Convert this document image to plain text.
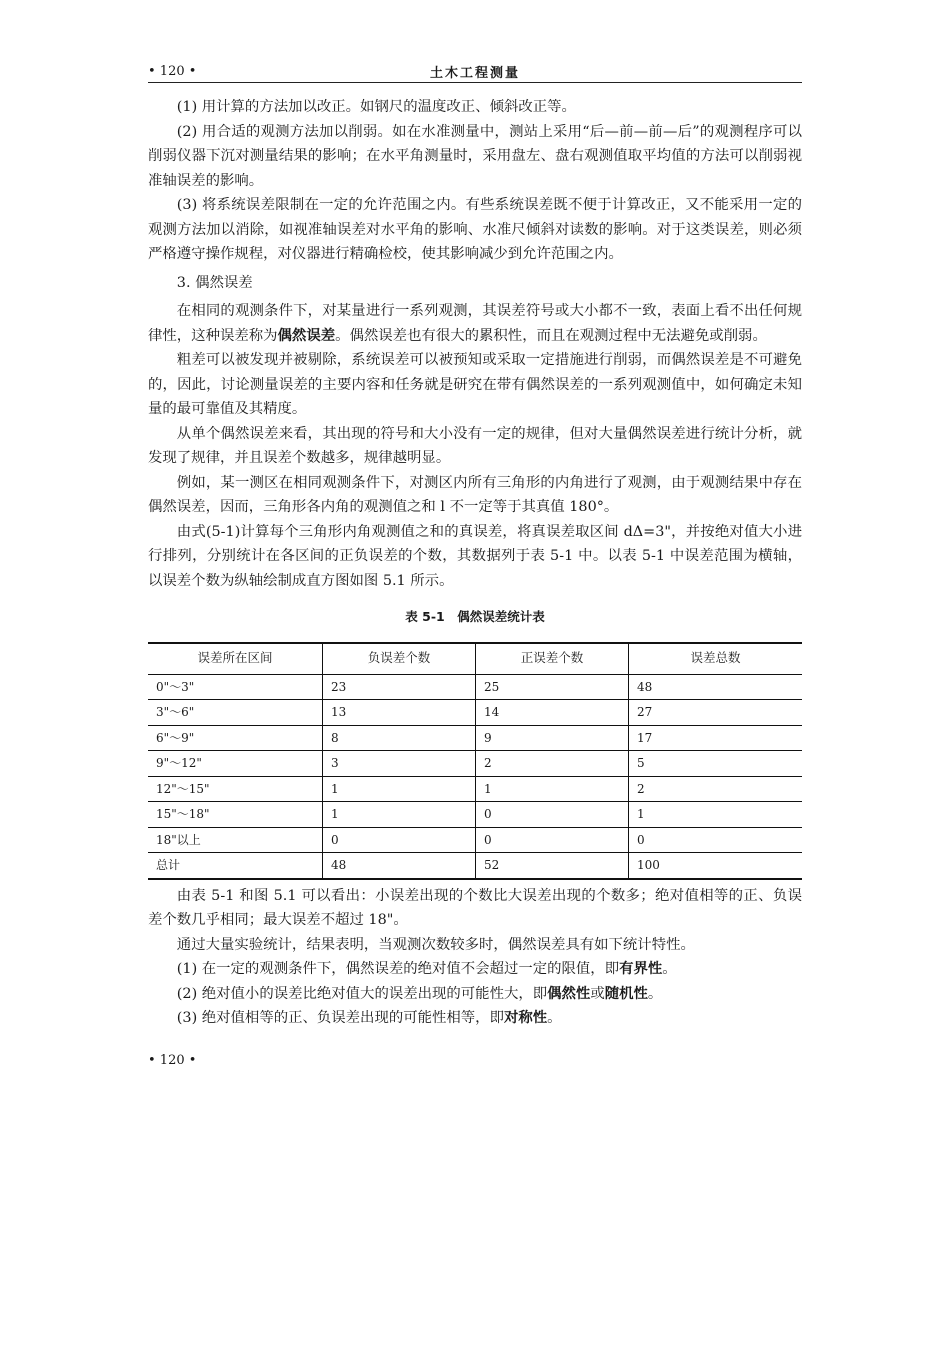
• 120 •	土木工程测量

(1) 用计算的方法加以改正。如钢尺的温度改正、倾斜改正等。

(2) 用合适的观测方法加以削弱。如在水准测量中，测站上采用“后—前—前—后”的观测程序可以削弱仪器下沉对测量结果的影响；在水平角测量时，采用盘左、盘右观测值取平均值的方法可以削弱视准轴误差的影响。

(3) 将系统误差限制在一定的允许范围之内。有些系统误差既不便于计算改正，又不能采用一定的观测方法加以消除，如视准轴误差对水平角的影响、水准尺倾斜对读数的影响。对于这类误差，则必须严格遵守操作规程，对仪器进行精确检校，使其影响减少到允许范围之内。

3. 偶然误差

在相同的观测条件下，对某量进行一系列观测，其误差符号或大小都不一致，表面上看不出任何规律性，这种误差称为偶然误差。偶然误差也有很大的累积性，而且在观测过程中无法避免或削弱。

粗差可以被发现并被剔除，系统误差可以被预知或采取一定措施进行削弱，而偶然误差是不可避免的，因此，讨论测量误差的主要内容和任务就是研究在带有偶然误差的一系列观测值中，如何确定未知量的最可靠值及其精度。

从单个偶然误差来看，其出现的符号和大小没有一定的规律，但对大量偶然误差进行统计分析，就发现了规律，并且误差个数越多，规律越明显。

例如，某一测区在相同观测条件下，对测区内所有三角形的内角进行了观测，由于观测结果中存在偶然误差，因而，三角形各内角的观测值之和 l 不一定等于其真值 180°。

由式(5-1)计算每个三角形内角观测值之和的真误差，将真误差取区间 dΔ=3"，并按绝对值大小进行排列，分别统计在各区间的正负误差的个数，其数据列于表 5-1 中。以表 5-1 中误差范围为横轴，以误差个数为纵轴绘制成直方图如图 5.1 所示。

表 5-1　偶然误差统计表
误差所在区间	负误差个数	正误差个数	误差总数
0"～3"	23	25	48
3"～6"	13	14	27
6"～9"	8	9	17
9"～12"	3	2	5
12"～15"	1	1	2
15"～18"	1	0	1
18"以上	0	0	0
总计	48	52	100

由表 5-1 和图 5.1 可以看出：小误差出现的个数比大误差出现的个数多；绝对值相等的正、负误差个数几乎相同；最大误差不超过 18"。

通过大量实验统计，结果表明，当观测次数较多时，偶然误差具有如下统计特性。

(1) 在一定的观测条件下，偶然误差的绝对值不会超过一定的限值，即有界性。

(2) 绝对值小的误差比绝对值大的误差出现的可能性大，即偶然性或随机性。

(3) 绝对值相等的正、负误差出现的可能性相等，即对称性。

• 120 •
